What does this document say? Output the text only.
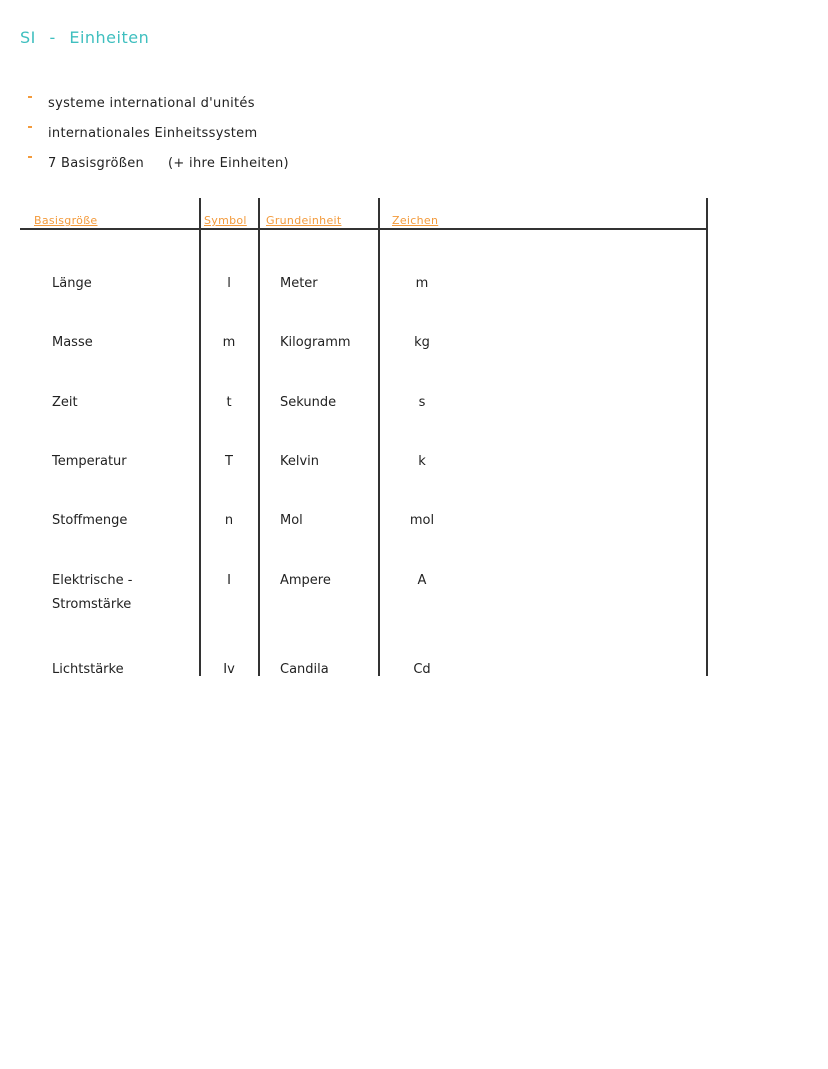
SI - Einheiten
systeme international d'unités
internationales Einheitssystem
7 Basisgrößen (+ ihre Einheiten)
Basisgröße	Symbol Grundeinheit	Zeichen
Länge	l	Meter	m
Masse	m	Kilogramm	kg
Zeit	t	Sekunde	s
Temperatur	T	Kelvin	k
Stoffmenge	n	Mol	mol
Elektrische -
Stromstärke
I	Ampere	A
Lichtstärke	Iv	Candila	Cd
